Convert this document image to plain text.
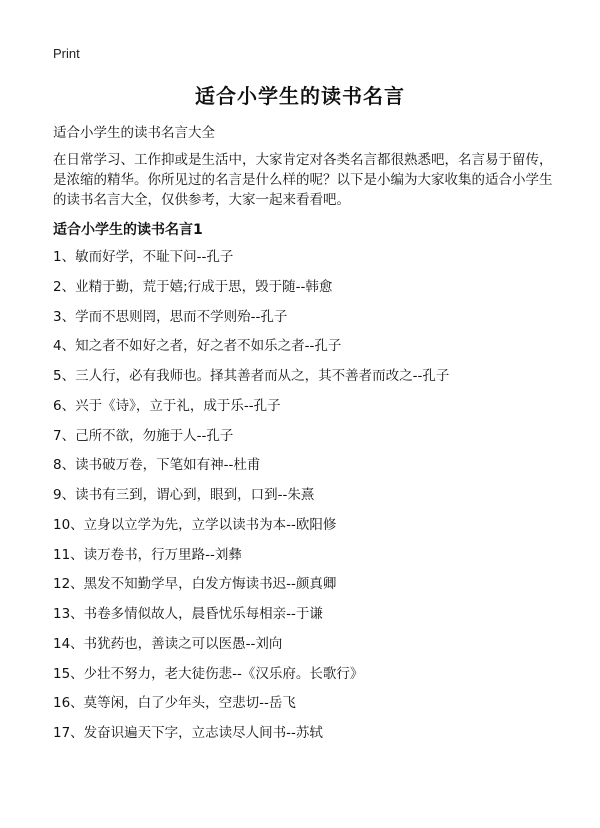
Print
适合小学生的读书名言

适合小学生的读书名言大全

在日常学习、工作抑或是生活中，大家肯定对各类名言都很熟悉吧，名言易于留传，是浓缩的精华。你所见过的名言是什么样的呢？以下是小编为大家收集的适合小学生的读书名言大全，仅供参考，大家一起来看看吧。

适合小学生的读书名言1
1、敏而好学，不耻下问--孔子
2、业精于勤，荒于嬉;行成于思，毁于随--韩愈
3、学而不思则罔，思而不学则殆--孔子
4、知之者不如好之者，好之者不如乐之者--孔子
5、三人行，必有我师也。择其善者而从之，其不善者而改之--孔子
6、兴于《诗》，立于礼，成于乐--孔子
7、己所不欲，勿施于人--孔子
8、读书破万卷，下笔如有神--杜甫
9、读书有三到，谓心到，眼到，口到--朱熹
10、立身以立学为先，立学以读书为本--欧阳修
11、读万卷书，行万里路--刘彝
12、黑发不知勤学早，白发方悔读书迟--颜真卿
13、书卷多情似故人，晨昏忧乐每相亲--于谦
14、书犹药也，善读之可以医愚--刘向
15、少壮不努力，老大徒伤悲--《汉乐府。长歌行》
16、莫等闲，白了少年头，空悲切--岳飞
17、发奋识遍天下字，立志读尽人间书--苏轼
